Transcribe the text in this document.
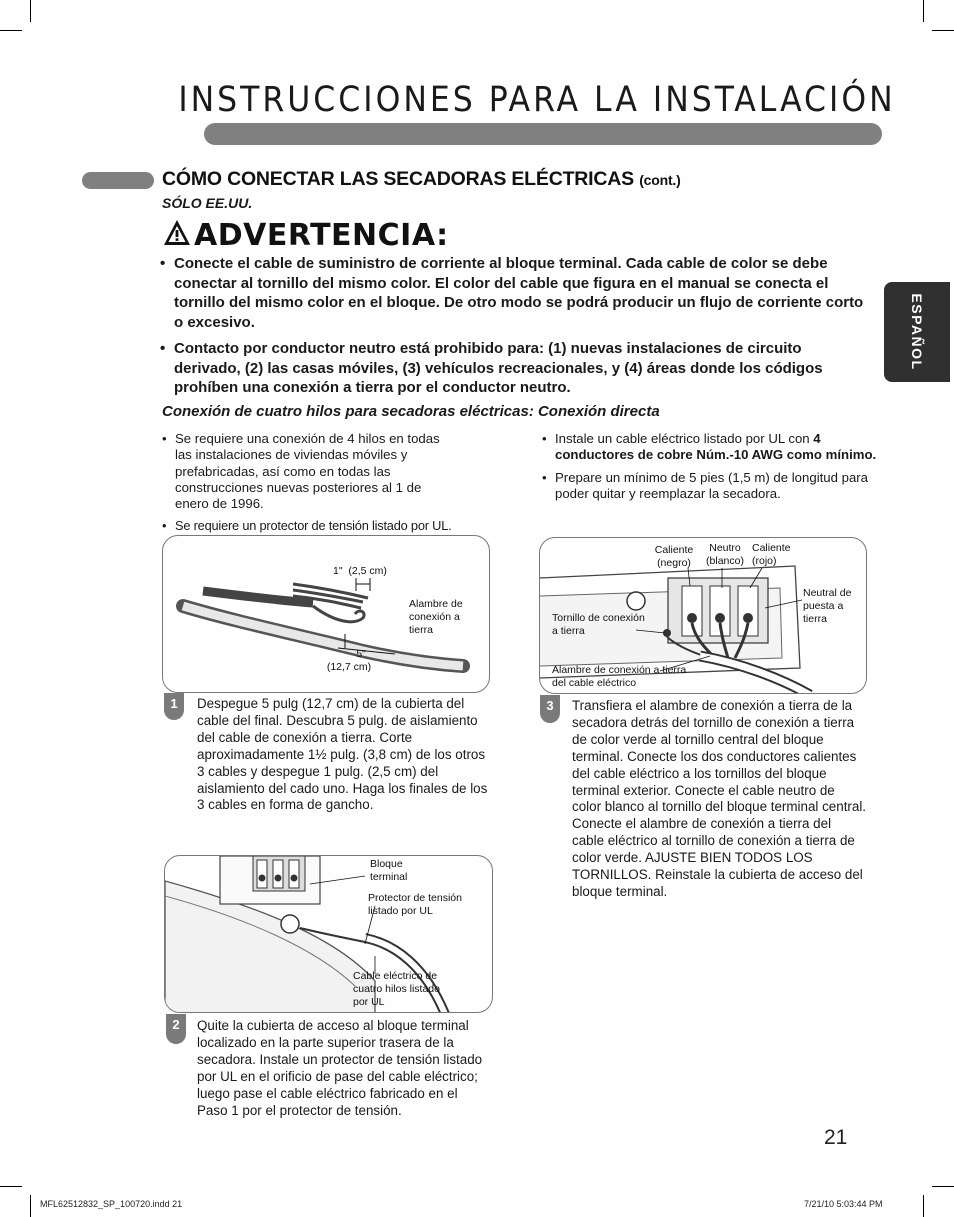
INSTRUCCIONES PARA LA INSTALACIÓN
CÓMO CONECTAR LAS SECADORAS ELÉCTRICAS (cont.)
SÓLO EE.UU.
ADVERTENCIA:
• Conecte el cable de suministro de corriente al bloque terminal. Cada cable de color se debe conectar al tornillo del mismo color. El color del cable que figura en el manual se conecta el tornillo del mismo color en el bloque. De otro modo se podrá producir un flujo de corriente corto o excesivo.
• Contacto por conductor neutro está prohibido para: (1) nuevas instalaciones de circuito derivado, (2) las casas móviles, (3) vehículos recreacionales, y (4) áreas donde los códigos prohíben una conexión a tierra por el conductor neutro.
Conexión de cuatro hilos para secadoras eléctricas: Conexión directa
• Se requiere una conexión de 4 hilos en todas las instalaciones de viviendas móviles y prefabricadas, así como en todas las construcciones nuevas posteriores al 1 de enero de 1996.
• Se requiere un protector de tensión listado por UL.
• Instale un cable eléctrico listado por UL con 4 conductores de cobre Núm.-10 AWG como mínimo.
• Prepare un mínimo de 5 pies (1,5 m) de longitud para poder quitar y reemplazar la secadora.
1" (2,5 cm)
Alambre de conexión a tierra
5"
(12,7 cm)
1	Despegue 5 pulg (12,7 cm) de la cubierta del cable del final. Descubra 5 pulg. de aislamiento del cable de conexión a tierra. Corte aproximadamente 1½ pulg. (3,8 cm) de los otros 3 cables y despegue 1 pulg. (2,5 cm) del aislamiento del cado uno. Haga los finales de los 3 cables en forma de gancho.
Bloque terminal
Protector de tensión listado por UL
Cable eléctrico de cuatro hilos listado por UL
2	Quite la cubierta de acceso al bloque terminal localizado en la parte superior trasera de la secadora. Instale un protector de tensión listado por UL en el orificio de pase del cable eléctrico; luego pase el cable eléctrico fabricado en el Paso 1 por el protector de tensión.
Caliente (negro)
Neutro (blanco)
Caliente (rojo)
Neutral de puesta a tierra
Tornillo de conexión a tierra
Alambre de conexión a tierra del cable eléctrico
3	Transfiera el alambre de conexión a tierra de la secadora detrás del tornillo de conexión a tierra de color verde al tornillo central del bloque terminal. Conecte los dos conductores calientes del cable eléctrico a los tornillos del bloque terminal exterior. Conecte el cable neutro de color blanco al tornillo del bloque terminal central. Conecte el alambre de conexión a tierra del cable eléctrico al tornillo de conexión a tierra de color verde. AJUSTE BIEN TODOS LOS TORNILLOS. Reinstale la cubierta de acceso del bloque terminal.
ESPAÑOL
21
MFL62512832_SP_100720.indd 21	7/21/10 5:03:44 PM
